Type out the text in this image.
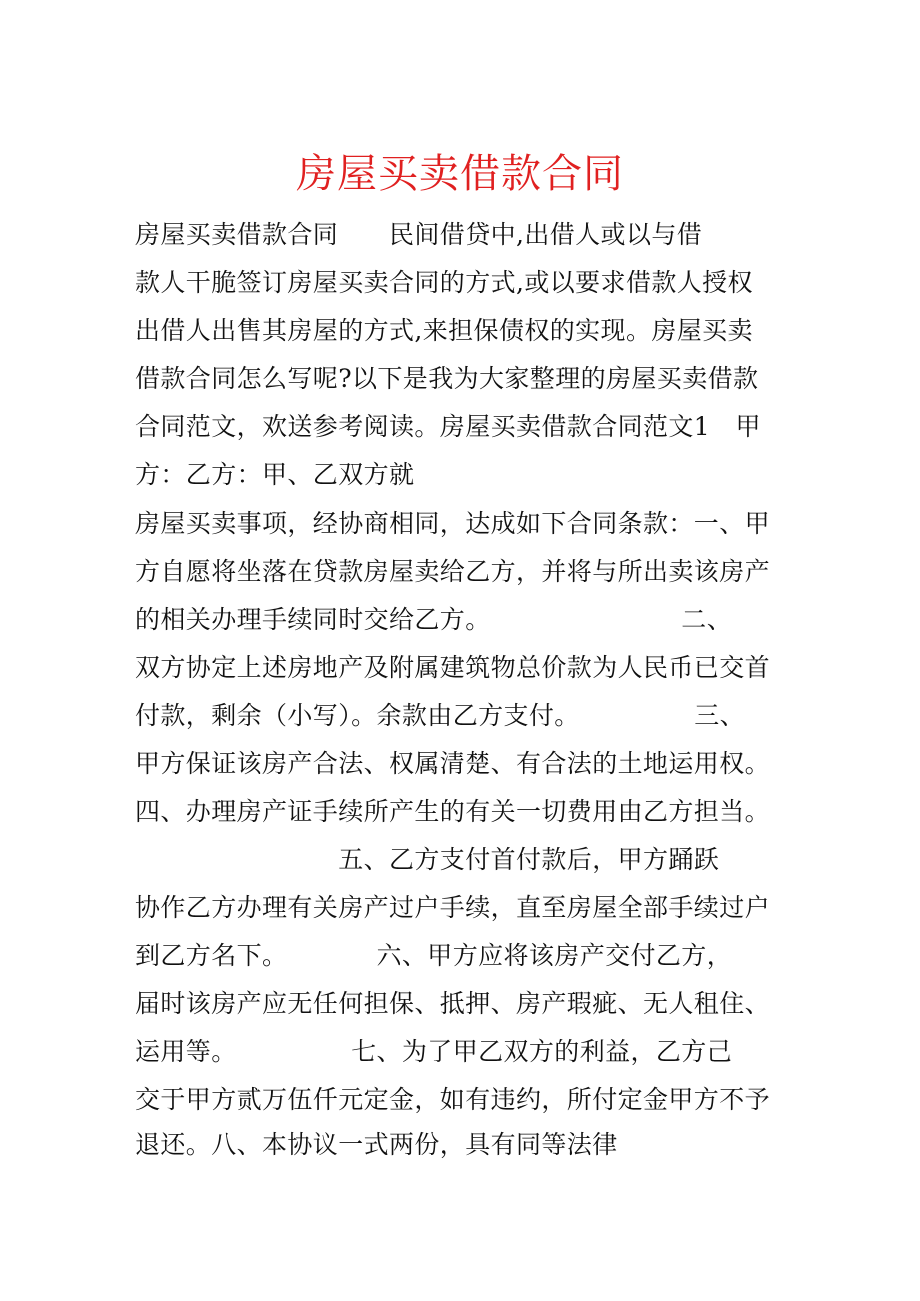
房屋买卖借款合同
房屋买卖借款合同　　民间借贷中,出借人或以与借
款人干脆签订房屋买卖合同的方式,或以要求借款人授权
出借人出售其房屋的方式,来担保债权的实现。房屋买卖
借款合同怎么写呢?以下是我为大家整理的房屋买卖借款
合同范文，欢送参考阅读。房屋买卖借款合同范文1　甲
方：乙方：甲、乙双方就
房屋买卖事项，经协商相同，达成如下合同条款：一、甲
方自愿将坐落在贷款房屋卖给乙方，并将与所出卖该房产
的相关办理手续同时交给乙方。　　　　　　　　二、
双方协定上述房地产及附属建筑物总价款为人民币已交首
付款，剩余（小写）。余款由乙方支付。　　　　　三、
甲方保证该房产合法、权属清楚、有合法的土地运用权。
四、办理房产证手续所产生的有关一切费用由乙方担当。
　　　　　　　　五、乙方支付首付款后，甲方踊跃
协作乙方办理有关房产过户手续，直至房屋全部手续过户
到乙方名下。　　　　六、甲方应将该房产交付乙方，
届时该房产应无任何担保、抵押、房产瑕疵、无人租住、
运用等。　　　　　七、为了甲乙双方的利益，乙方己
交于甲方贰万伍仟元定金，如有违约，所付定金甲方不予
退还。八、本协议一式两份，具有同等法律
